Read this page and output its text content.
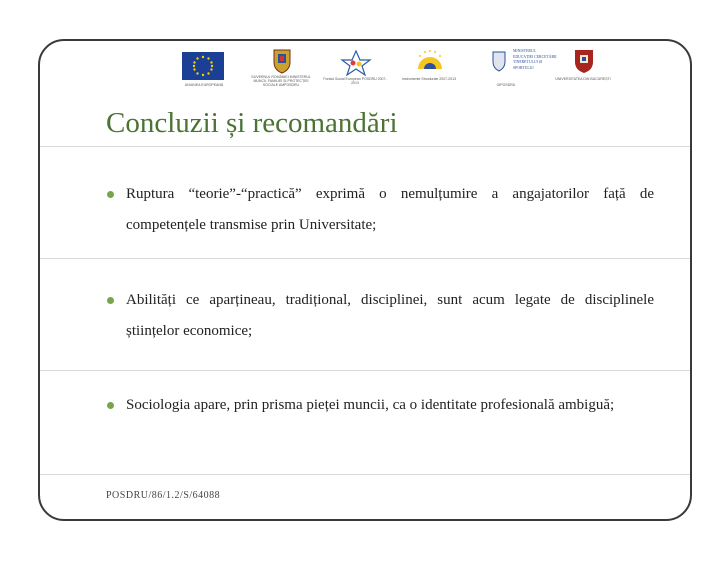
UNIUNEA EUROPEANĂ
GUVERNUL ROMÂNIEI MINISTERUL MUNCII, FAMILIEI ȘI PROTECȚIEI SOCIALE AMPOSDRU
Fondul Social European POSDRU 2007-2013
Instrumente Structurale 2007-2013
MINISTERUL EDUCAȚIEI CERCETĂRII TINERETULUI ȘI SPORTULUI
OIPOSDRU
UNIVERSITATEA DIN BUCUREȘTI
Concluzii și recomandări
Ruptura “teorie”-“practică” exprimă o nemulțumire a angajatorilor față de competențele transmise prin Universitate;
Abilități ce aparțineau, tradițional, disciplinei, sunt acum legate de disciplinele științelor economice;
Sociologia apare, prin prisma pieței muncii, ca o identitate profesională ambiguă;
POSDRU/86/1.2/S/64088
